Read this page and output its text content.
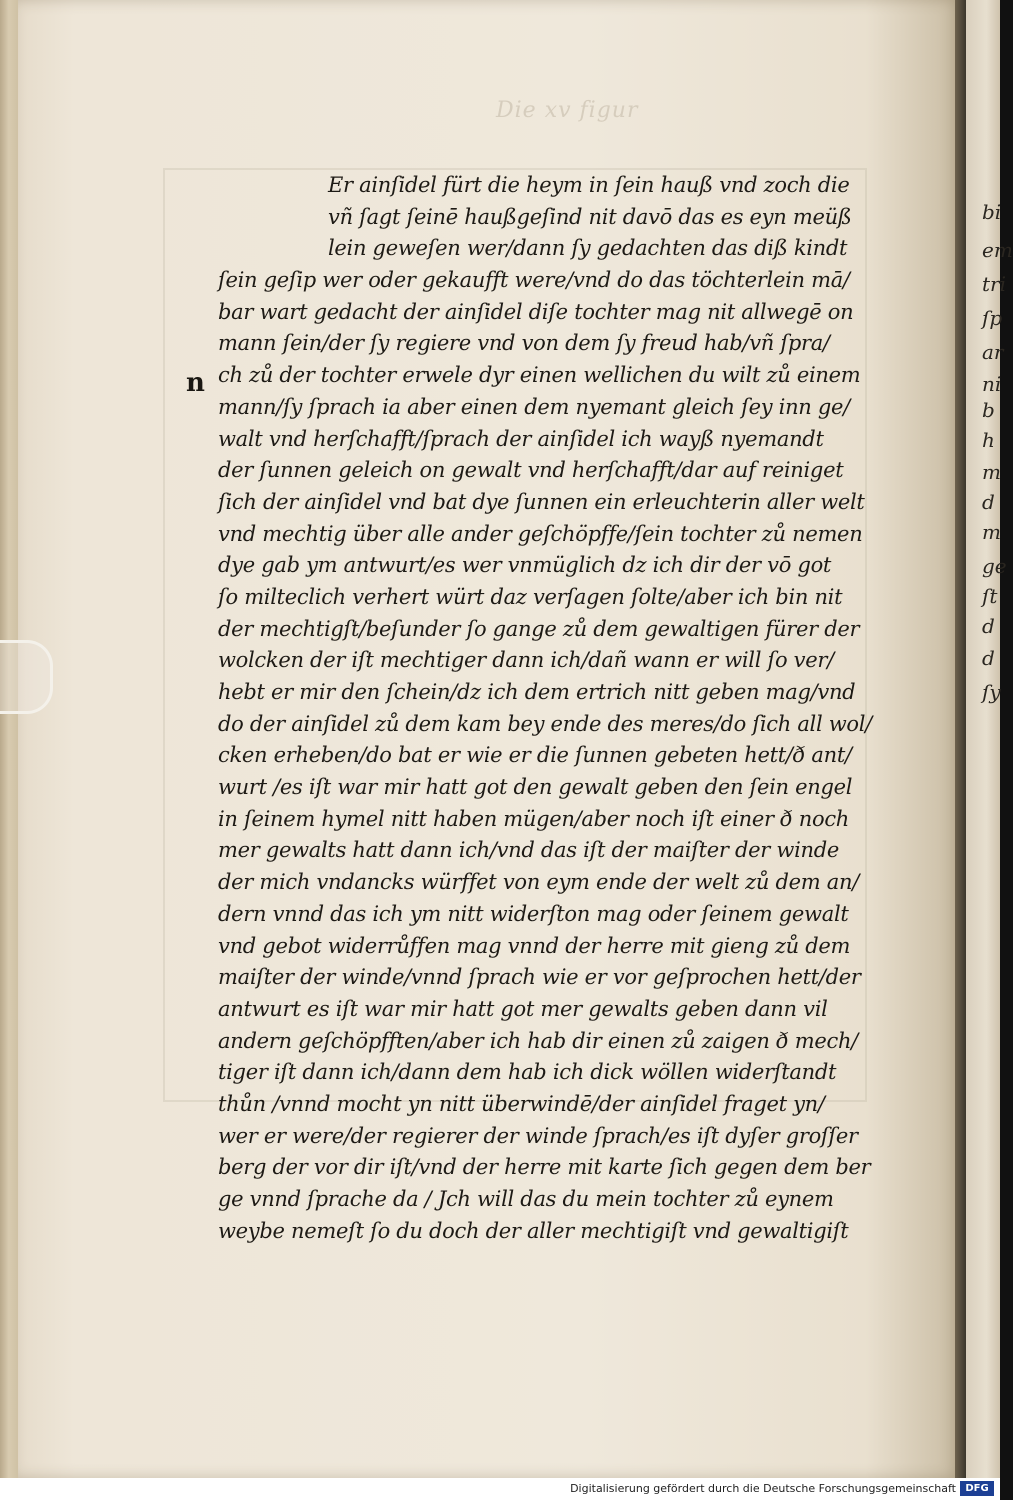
Die xv figur
n
Er ainſidel fürt die heym in ſein hauß vnd zoch die
vñ ſagt ſeinē haußgeſind nit davō das es eyn meüß
lein geweſen wer/dann ſy gedachten das diß kindt
ſein geſip wer oder gekaufft were/vnd do das töchterlein mā/
bar wart gedacht der ainſidel diſe tochter mag nit allwegē on
mann ſein/der ſy regiere vnd von dem ſy freud hab/vñ ſpra/
ch zů der tochter erwele dyr einen wellichen du wilt zů einem
mann/ſy ſprach ia aber einen dem nyemant gleich ſey inn ge/
walt vnd herſchafft/ſprach der ainſidel ich wayß nyemandt
der ſunnen geleich on gewalt vnd herſchafft/dar auf reiniget
ſich der ainſidel vnd bat dye ſunnen ein erleuchterin aller welt
vnd mechtig über alle ander geſchöpffe/ſein tochter zů nemen
dye gab ym antwurt/es wer vnmüglich dz ich dir der vō got
ſo milteclich verhert würt daz verſagen ſolte/aber ich bin nit
der mechtigſt/beſunder ſo gange zů dem gewaltigen fürer der
wolcken der iſt mechtiger dann ich/dañ wann er will ſo ver/
hebt er mir den ſchein/dz ich dem ertrich nitt geben mag/vnd
do der ainſidel zů dem kam bey ende des meres/do ſich all wol/
cken erheben/do bat er wie er die ſunnen gebeten hett/ð ant/
wurt /es iſt war mir hatt got den gewalt geben den ſein engel
in ſeinem hymel nitt haben mügen/aber noch iſt einer ð noch
mer gewalts hatt dann ich/vnd das iſt der maiſter der winde
der mich vndancks würffet von eym ende der welt zů dem an/
dern vnnd das ich ym nitt widerſton mag oder ſeinem gewalt
vnd gebot widerrůffen mag vnnd der herre mit gieng zů dem
maiſter der winde/vnnd ſprach wie er vor geſprochen hett/der
antwurt es iſt war mir hatt got mer gewalts geben dann vil
andern geſchöpfften/aber ich hab dir einen zů zaigen ð mech/
tiger iſt dann ich/dann dem hab ich dick wöllen widerſtandt
thůn /vnnd mocht yn nitt überwindē/der ainſidel fraget yn/
wer er were/der regierer der winde ſprach/es iſt dyſer groſſer
berg der vor dir iſt/vnd der herre mit karte ſich gegen dem ber
ge vnnd ſprache da / Jch will das du mein tochter zů eynem
weybe nemeſt ſo du doch der aller mechtigiſt vnd gewaltigiſt
bi
em
tri
ſp
ar
ni
b
h
m
d
m
ge
ſt
d
d
ſy
Digitalisierung gefördert durch die Deutsche Forschungsgemeinschaft DFG
